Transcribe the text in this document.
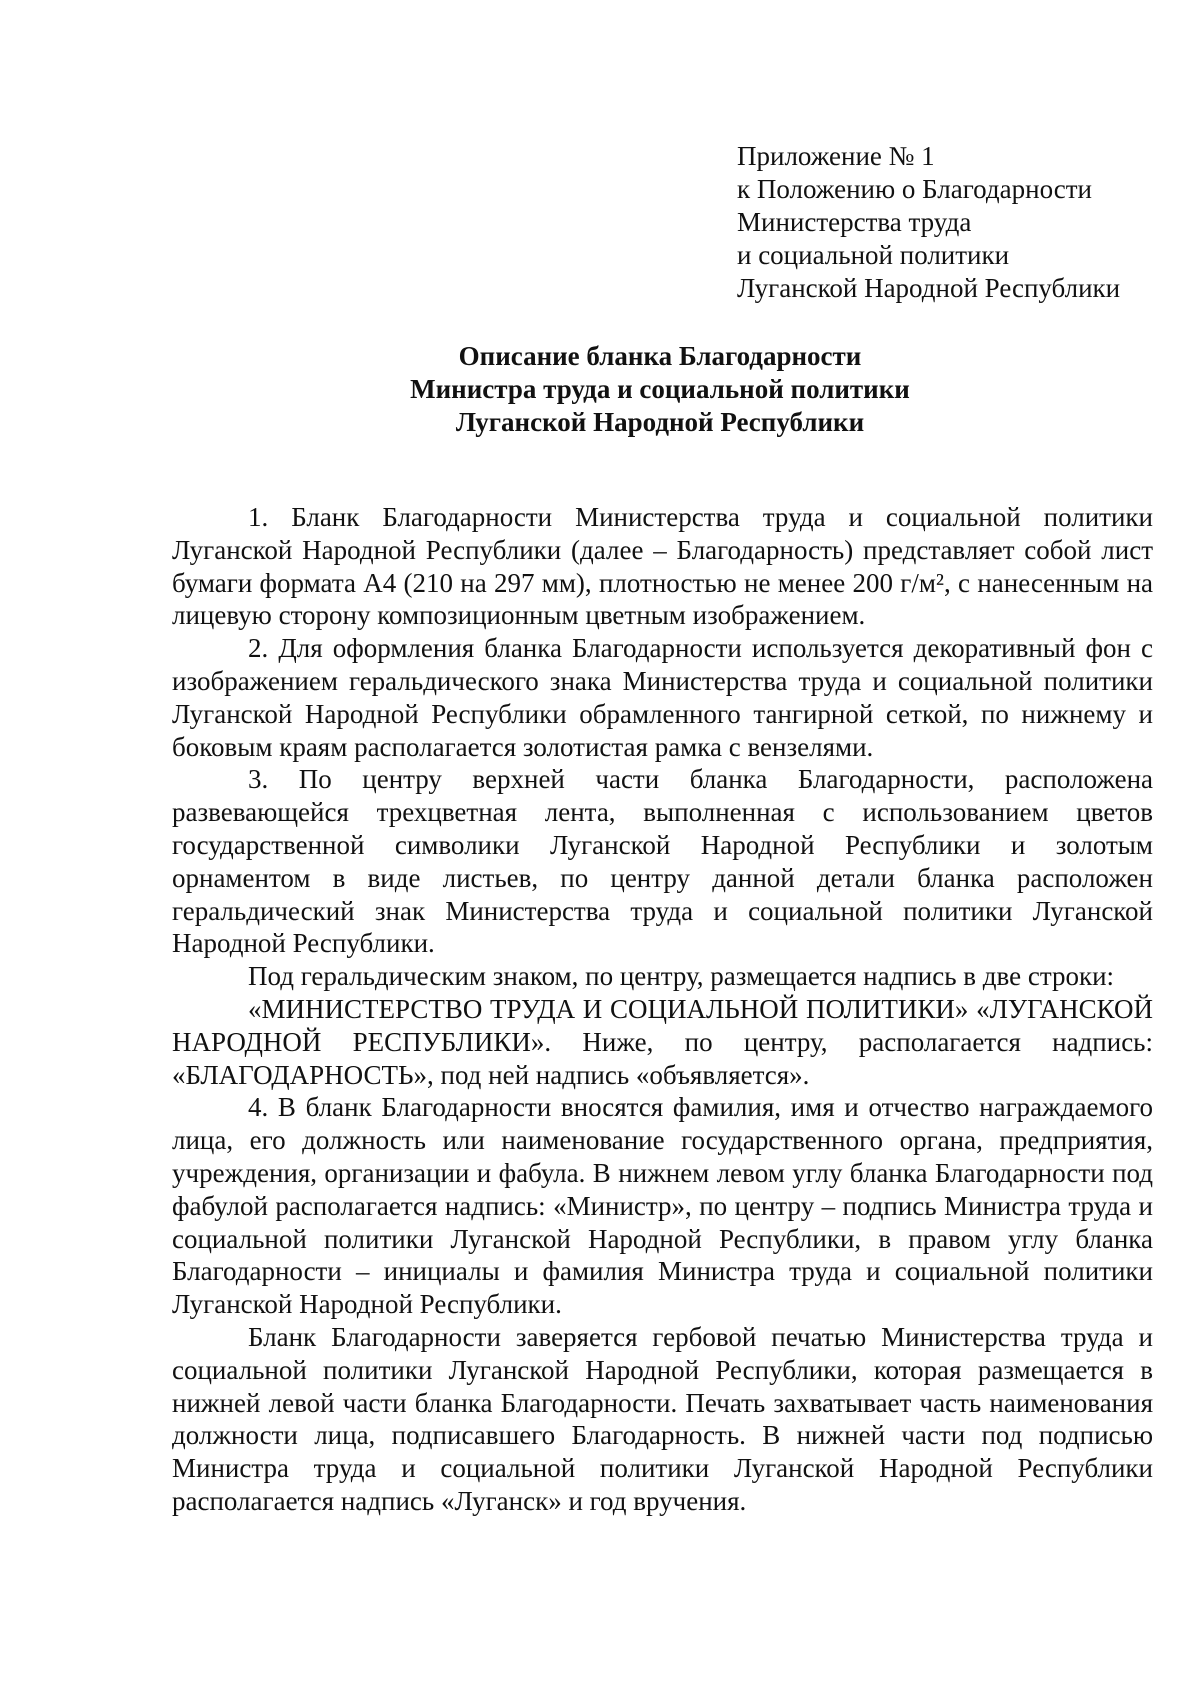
Приложение № 1
к Положению о Благодарности
Министерства труда
и социальной политики
Луганской Народной Республики
Описание бланка Благодарности
Министра труда и социальной политики
Луганской Народной Республики

1. Бланк Благодарности Министерства труда и социальной политики Луганской Народной Республики (далее – Благодарность) представляет собой лист бумаги формата А4 (210 на 297 мм), плотностью не менее 200 г/м², с нанесенным на лицевую сторону композиционным цветным изображением.

2. Для оформления бланка Благодарности используется декоративный фон с изображением геральдического знака Министерства труда и социальной политики Луганской Народной Республики обрамленного тангирной сеткой, по нижнему и боковым краям располагается золотистая рамка с вензелями.

3. По центру верхней части бланка Благодарности, расположена развевающейся трехцветная лента, выполненная с использованием цветов государственной символики Луганской Народной Республики и золотым орнаментом в виде листьев, по центру данной детали бланка расположен геральдический знак Министерства труда и социальной политики Луганской Народной Республики.

Под геральдическим знаком, по центру, размещается надпись в две строки:

«МИНИСТЕРСТВО ТРУДА И СОЦИАЛЬНОЙ ПОЛИТИКИ» «ЛУГАНСКОЙ НАРОДНОЙ РЕСПУБЛИКИ». Ниже, по центру, располагается надпись: «БЛАГОДАРНОСТЬ», под ней надпись «объявляется».

4. В бланк Благодарности вносятся фамилия, имя и отчество награждаемого лица, его должность или наименование государственного органа, предприятия, учреждения, организации и фабула. В нижнем левом углу бланка Благодарности под фабулой располагается надпись: «Министр», по центру – подпись Министра труда и социальной политики Луганской Народной Республики, в правом углу бланка Благодарности – инициалы и фамилия Министра труда и социальной политики Луганской Народной Республики.

Бланк Благодарности заверяется гербовой печатью Министерства труда и социальной политики Луганской Народной Республики, которая размещается в нижней левой части бланка Благодарности. Печать захватывает часть наименования должности лица, подписавшего Благодарность. В нижней части под подписью Министра труда и социальной политики Луганской Народной Республики располагается надпись «Луганск» и год вручения.
